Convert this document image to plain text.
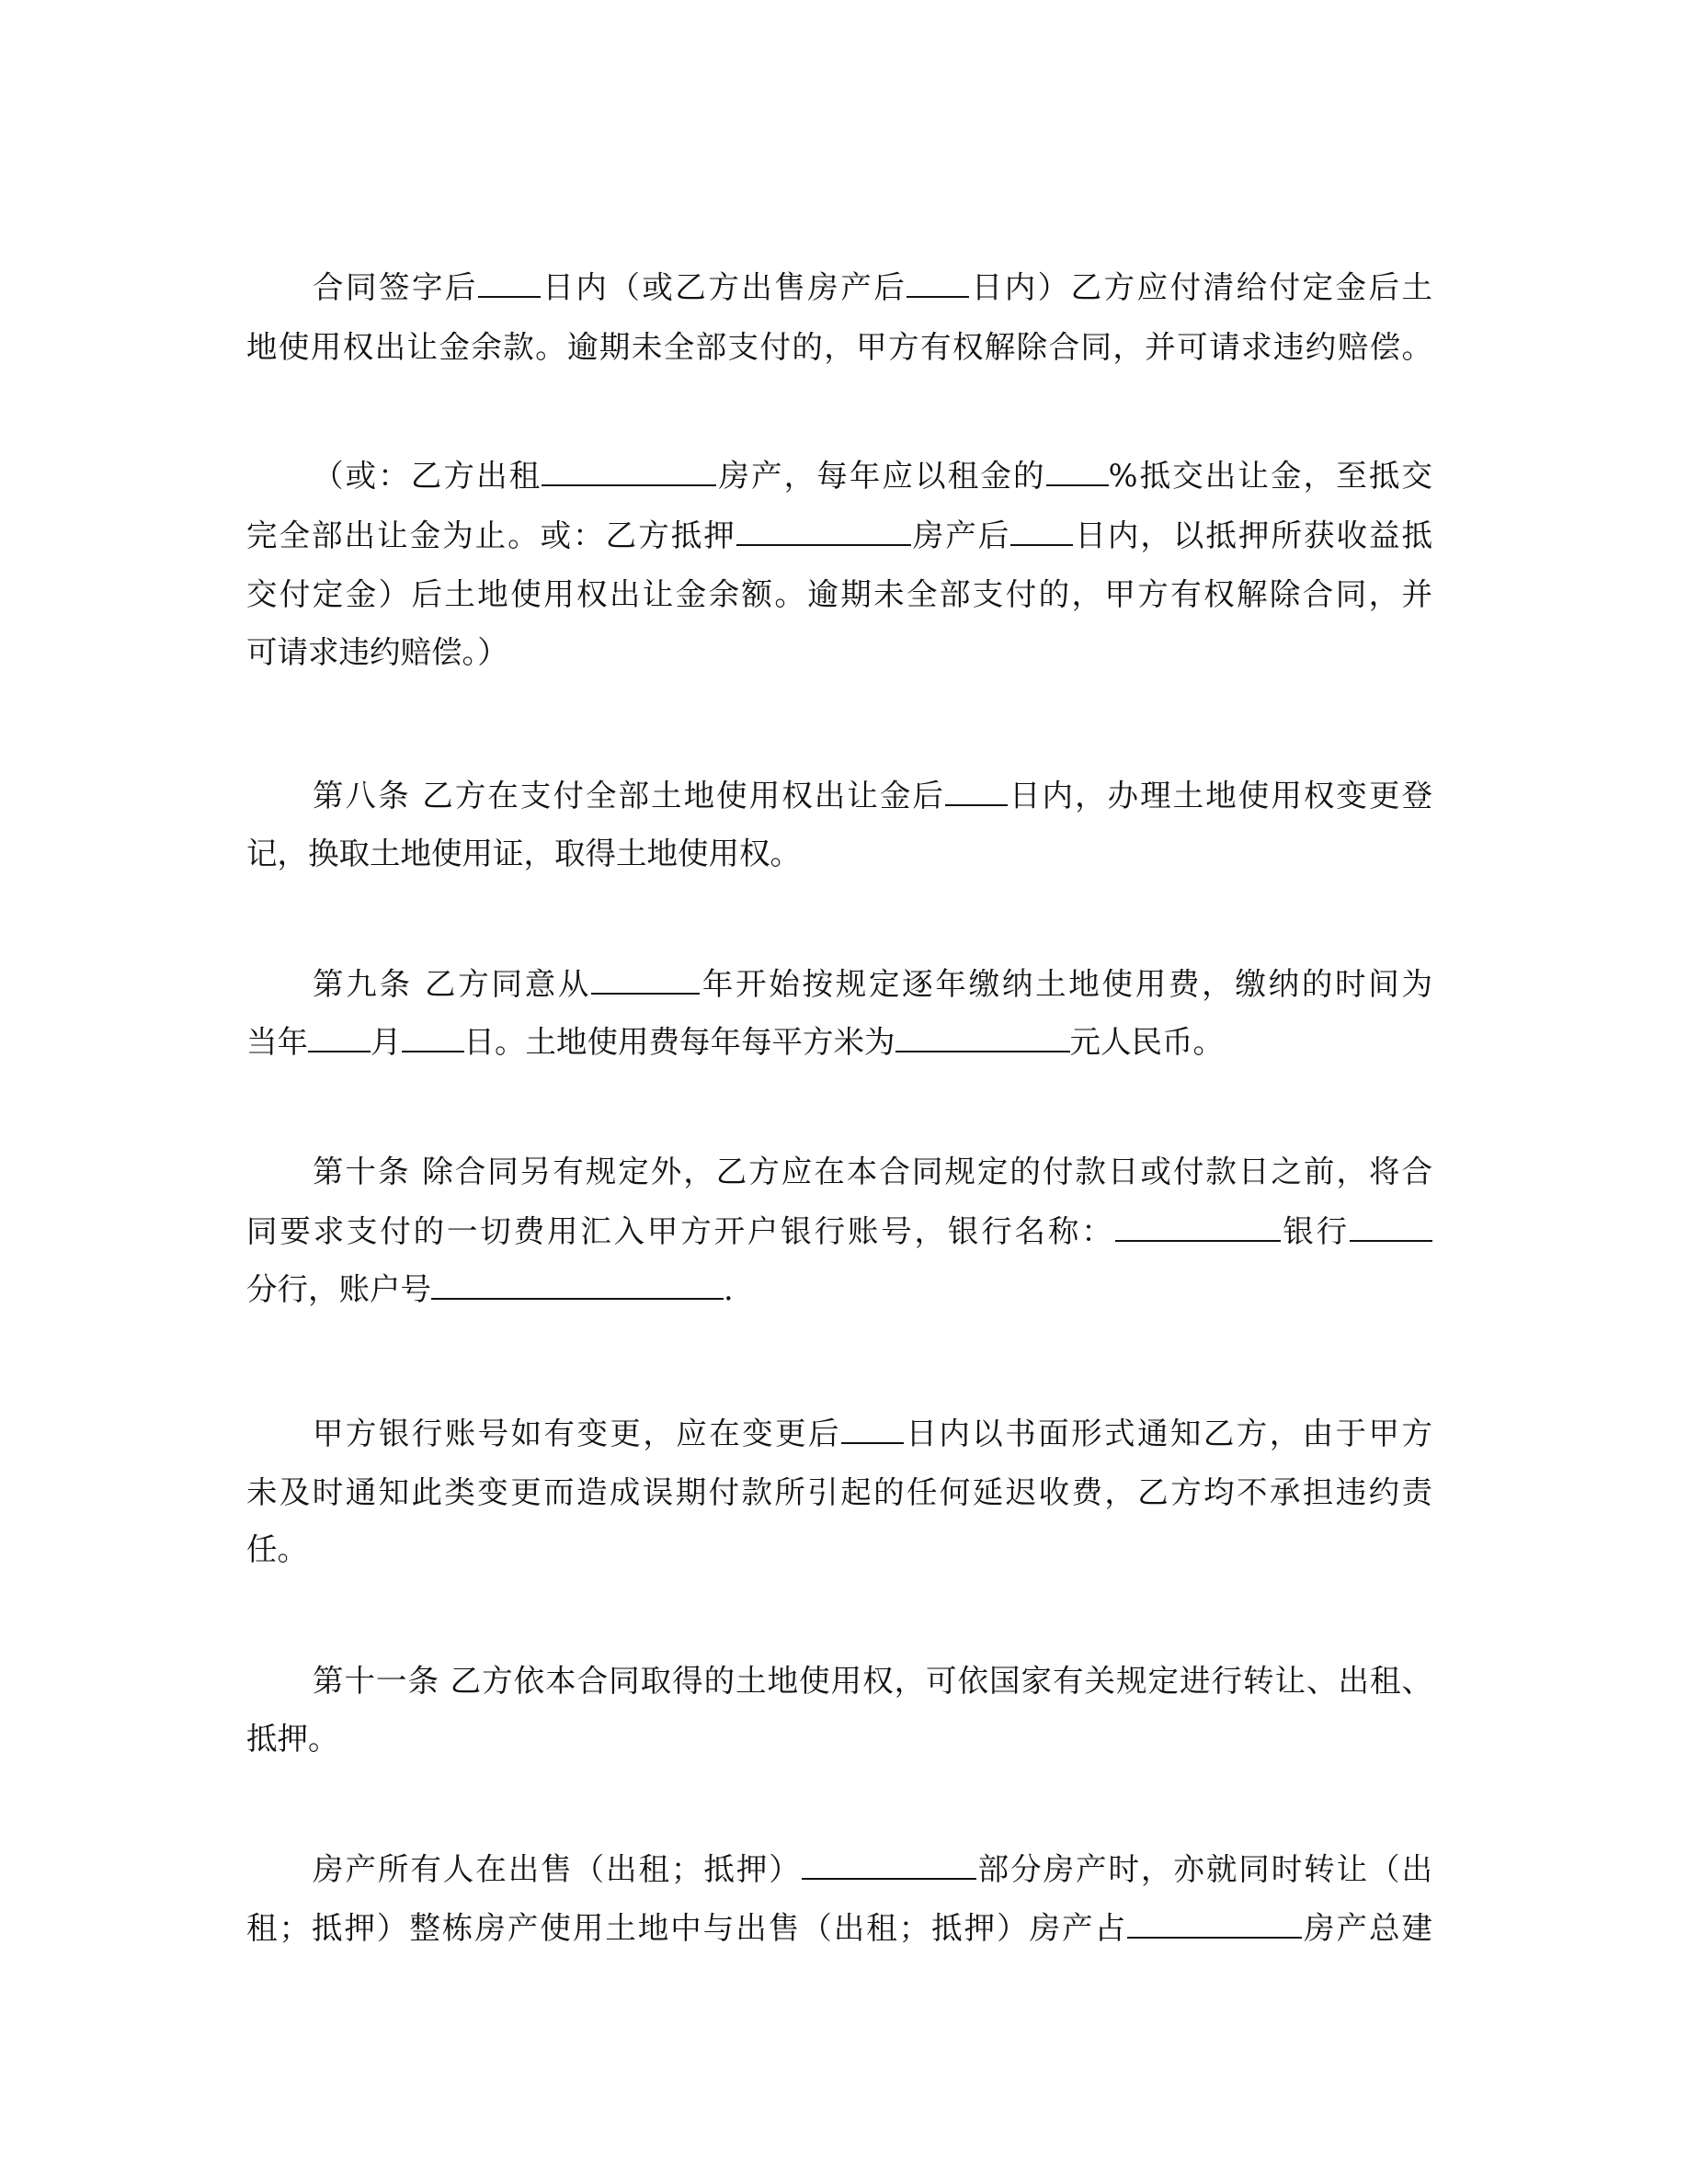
合同签字后 日内（或乙方出售房产后 日内）乙方应付清给付定金后土
地使用权出让金余款。逾期未全部支付的，甲方有权解除合同，并可请求违约赔偿。
（或：乙方出租	房产，每年应以租金的 %抵交出让金，至抵交
完全部出让金为止。或：乙方抵押	房产后 日内，以抵押所获收益抵
交付定金）后土地使用权出让金余额。逾期未全部支付的，甲方有权解除合同，并
可请求违约赔偿。）
第八条 乙方在支付全部土地使用权出让金后 日内，办理土地使用权变更登
记，换取土地使用证，取得土地使用权。
第九条 乙方同意从	年开始按规定逐年缴纳土地使用费，缴纳的时间为
当年 月 日。土地使用费每年每平方米为	元人民币。
第十条 除合同另有规定外，乙方应在本合同规定的付款日或付款日之前，将合
同要求支付的一切费用汇入甲方开户银行账号，银行名称：	银行
分行，账户号	.
甲方银行账号如有变更，应在变更后 日内以书面形式通知乙方，由于甲方
未及时通知此类变更而造成误期付款所引起的任何延迟收费，乙方均不承担违约责
任。
第十一条 乙方依本合同取得的土地使用权，可依国家有关规定进行转让、出租、
抵押。
房产所有人在出售（出租；抵押）	部分房产时，亦就同时转让（出
租；抵押）整栋房产使用土地中与出售（出租；抵押）房产占	房产总建
